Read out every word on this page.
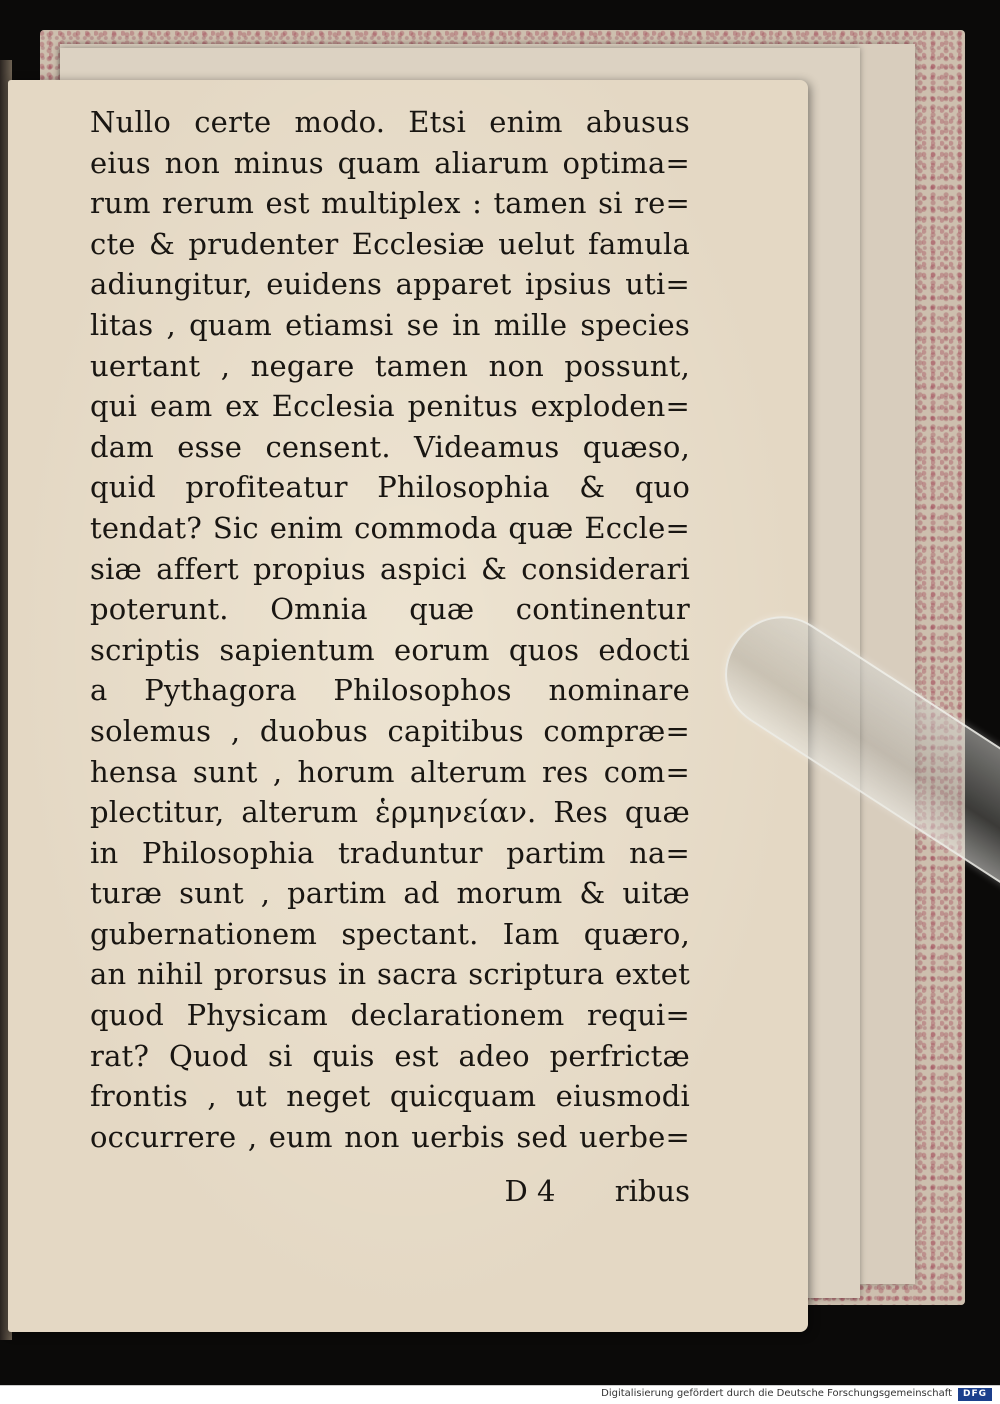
Nullo certe modo. Etsi enim abusus
eius non minus quam aliarum optima=
rum rerum est multiplex : tamen si re=
cte & prudenter Ecclesiæ uelut famula
adiungitur, euidens apparet ipsius uti=
litas , quam etiamsi se in mille species
uertant , negare tamen non possunt,
qui eam ex Ecclesia penitus exploden=
dam esse censent. Videamus quæso,
quid profiteatur Philosophia & quo
tendat? Sic enim commoda quæ Eccle=
siæ affert propius aspici & considerari
poterunt. Omnia quæ continentur
scriptis sapientum eorum quos edocti
a Pythagora Philosophos nominare
solemus , duobus capitibus compræ=
hensa sunt , horum alterum res com=
plectitur, alterum ἑρμηνείαν. Res quæ
in Philosophia traduntur partim na=
turæ sunt , partim ad morum & uitæ
gubernationem spectant. Iam quæro,
an nihil prorsus in sacra scriptura extet
quod Physicam declarationem requi=
rat? Quod si quis est adeo perfrictæ
frontis , ut neget quicquam eiusmodi
occurrere , eum non uerbis sed uerbe=
D 4	ribus
Digitalisierung gefördert durch die Deutsche Forschungsgemeinschaft	DFG
